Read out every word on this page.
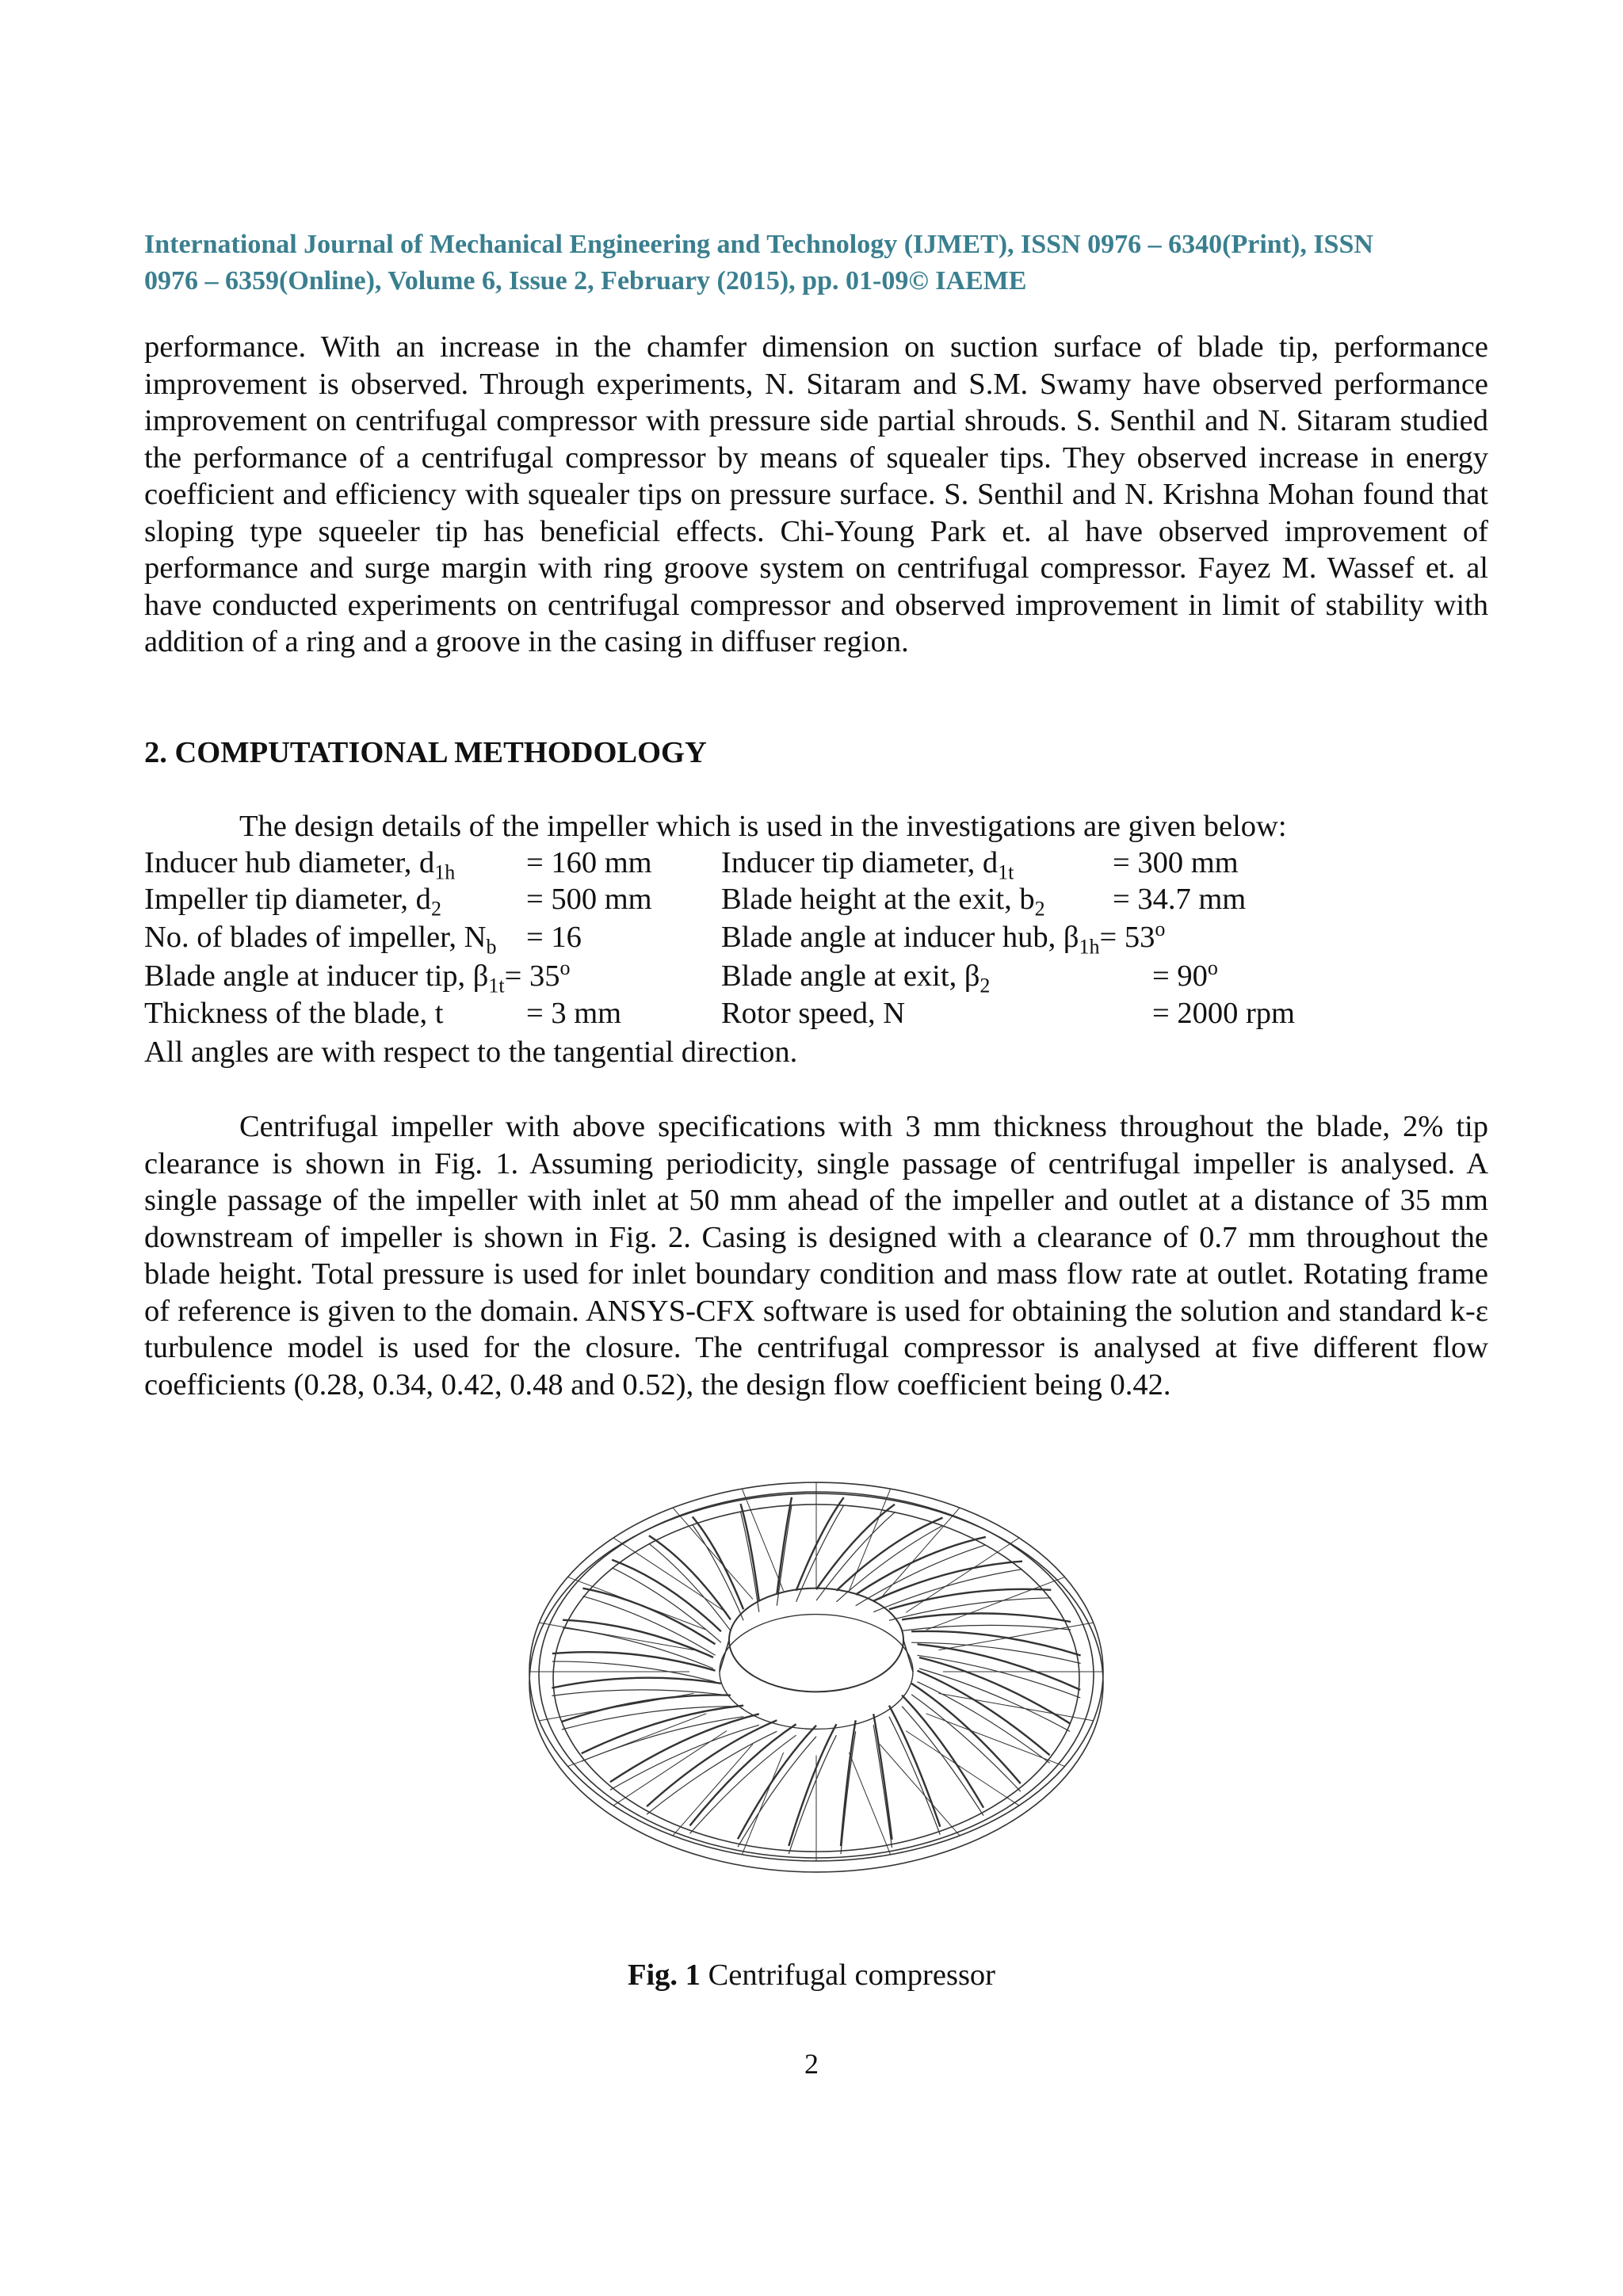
International Journal of Mechanical Engineering and Technology (IJMET), ISSN 0976 – 6340(Print), ISSN
0976 – 6359(Online), Volume 6, Issue 2, February (2015), pp. 01-09© IAEME

performance. With an increase in the chamfer dimension on suction surface of blade tip, performance improvement is observed. Through experiments, N. Sitaram and S.M. Swamy have observed performance improvement on centrifugal compressor with pressure side partial shrouds. S. Senthil and N. Sitaram studied the performance of a centrifugal compressor by means of squealer tips. They observed increase in energy coefficient and efficiency with squealer tips on pressure surface. S. Senthil and N. Krishna Mohan found that sloping type squeeler tip has beneficial effects. Chi-Young Park et. al have observed improvement of performance and surge margin with ring groove system on centrifugal compressor. Fayez M. Wassef et. al have conducted experiments on centrifugal compressor and observed improvement in limit of stability with addition of a ring and a groove in the casing in diffuser region.

2. COMPUTATIONAL METHODOLOGY

The design details of the impeller which is used in the investigations are given below:

Inducer hub diameter, $d_{1h} = 160$ mm Inducer tip diameter, $d_{1t}$	= 300 mm
Impeller tip diameter, $d_2$	= 500 mm Blade height at the exit, $b_2 = 34.7$ mm
No. of blades of impeller, $N_b = 16$	Blade angle at inducer hub, $\beta_{1h}= 53^o$
Blade angle at inducer tip, $\beta_{1t}= 35^o$	Blade angle at exit, $\beta_2$	= $90^o$
Thickness of the blade, t	= 3 mm	Rotor speed, N	= 2000 rpm

All angles are with respect to the tangential direction.

Centrifugal impeller with above specifications with 3 mm thickness throughout the blade, 2% tip clearance is shown in Fig. 1. Assuming periodicity, single passage of centrifugal impeller is analysed. A single passage of the impeller with inlet at 50 mm ahead of the impeller and outlet at a distance of 35 mm downstream of impeller is shown in Fig. 2. Casing is designed with a clearance of 0.7 mm throughout the blade height. Total pressure is used for inlet boundary condition and mass flow rate at outlet. Rotating frame of reference is given to the domain. ANSYS-CFX software is used for obtaining the solution and standard k-ε turbulence model is used for the closure. The centrifugal compressor is analysed at five different flow coefficients (0.28, 0.34, 0.42, 0.48 and 0.52), the design flow coefficient being 0.42.

Fig. 1 Centrifugal compressor
2
